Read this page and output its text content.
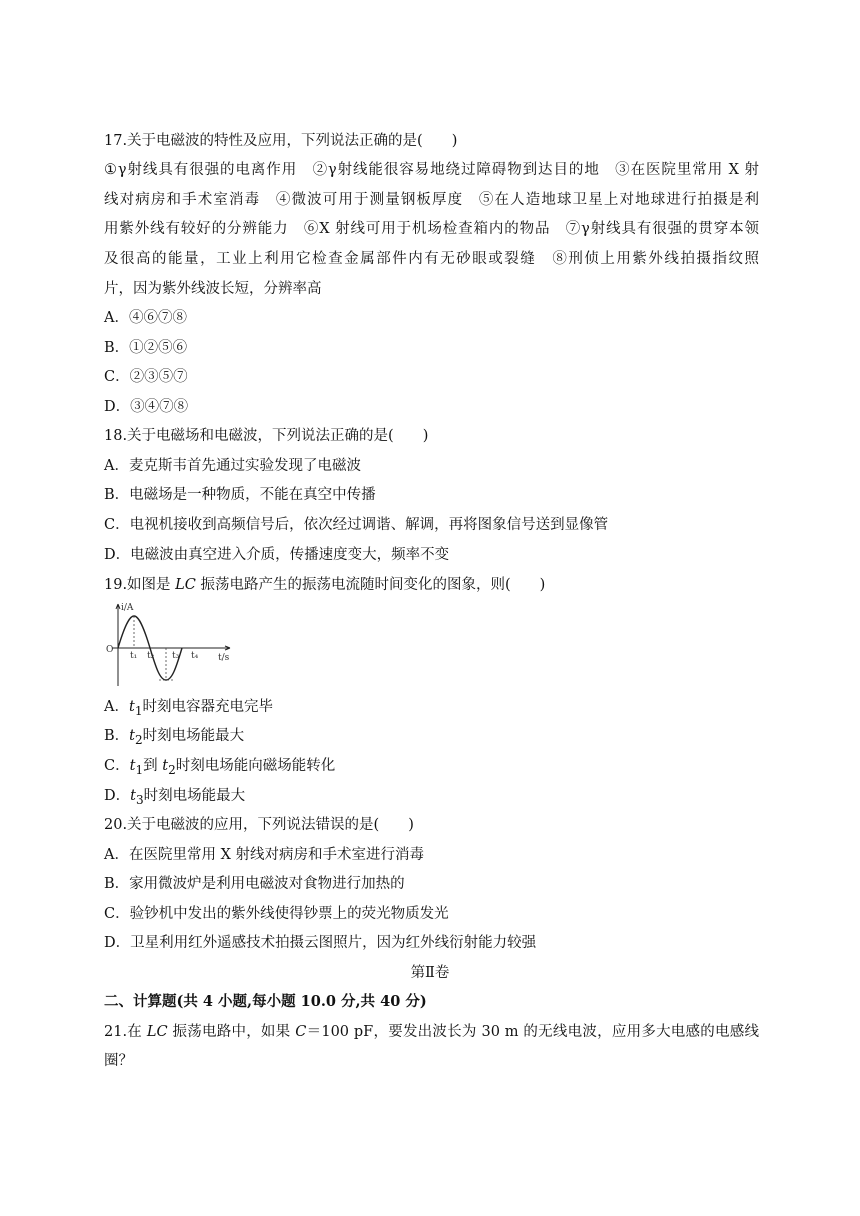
17.关于电磁波的特性及应用，下列说法正确的是(　　)
①γ射线具有很强的电离作用　②γ射线能很容易地绕过障碍物到达目的地　③在医院里常用 X 射
线对病房和手术室消毒　④微波可用于测量钢板厚度　⑤在人造地球卫星上对地球进行拍摄是利
用紫外线有较好的分辨能力　⑥X 射线可用于机场检查箱内的物品　⑦γ射线具有很强的贯穿本领
及很高的能量，工业上利用它检查金属部件内有无砂眼或裂缝　⑧刑侦上用紫外线拍摄指纹照
片，因为紫外线波长短，分辨率高
A．④⑥⑦⑧
B．①②⑤⑥
C．②③⑤⑦
D．③④⑦⑧
18.关于电磁场和电磁波，下列说法正确的是(　　)
A．麦克斯韦首先通过实验发现了电磁波
B．电磁场是一种物质，不能在真空中传播
C．电视机接收到高频信号后，依次经过调谐、解调，再将图象信号送到显像管
D．电磁波由真空进入介质，传播速度变大，频率不变
19.如图是 LC 振荡电路产生的振荡电流随时间变化的图象，则(　　)
i/A
t/s
O
t₁ t₂ t₃ t₄
A．$t_1$时刻电容器充电完毕
B．$t_2$时刻电场能最大
C．$t_1$到 $t_2$时刻电场能向磁场能转化
D．$t_3$时刻电场能最大
20.关于电磁波的应用，下列说法错误的是(　　)
A．在医院里常用 X 射线对病房和手术室进行消毒
B．家用微波炉是利用电磁波对食物进行加热的
C．验钞机中发出的紫外线使得钞票上的荧光物质发光
D．卫星利用红外遥感技术拍摄云图照片，因为红外线衍射能力较强
第Ⅱ卷
二、计算题(共 4 小题,每小题 10.0 分,共 40 分)
21.在 LC 振荡电路中，如果 C＝100 pF，要发出波长为 30 m 的无线电波，应用多大电感的电感线
圈？
